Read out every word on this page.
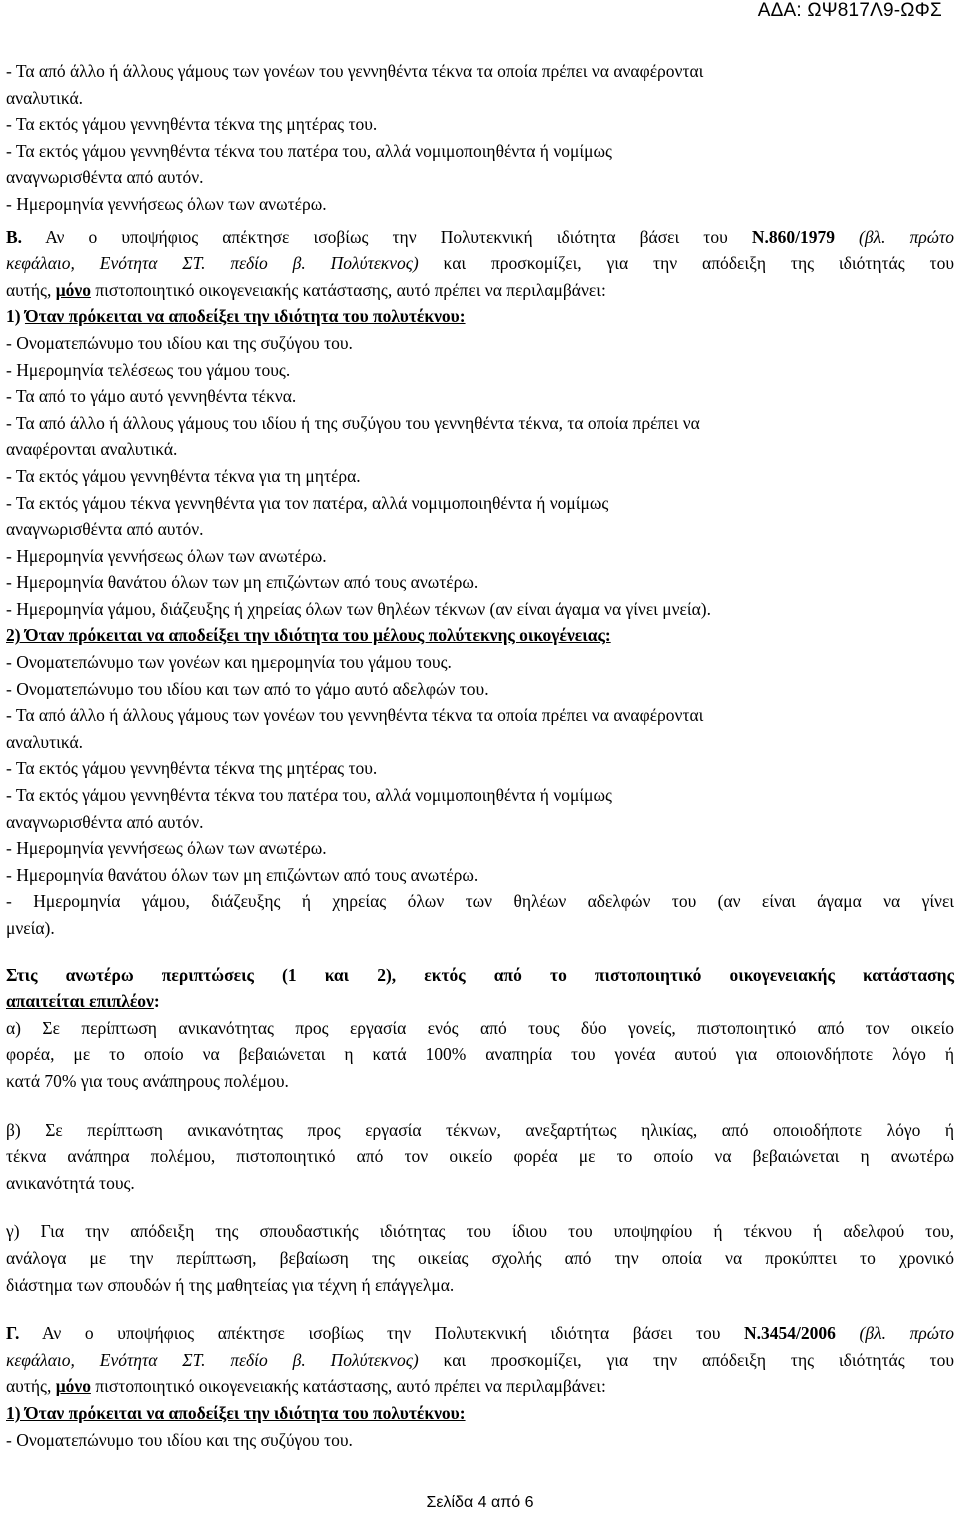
ΑΔΑ: ΩΨ817Λ9-ΩΦΣ
- Τα από άλλο ή άλλους γάμους των γονέων του γεννηθέντα τέκνα τα οποία πρέπει να αναφέρονται
αναλυτικά.
- Τα εκτός γάμου γεννηθέντα τέκνα της μητέρας του.
- Τα εκτός γάμου γεννηθέντα τέκνα του πατέρα του, αλλά νομιμοποιηθέντα ή νομίμως
αναγνωρισθέντα από αυτόν.
- Ημερομηνία γεννήσεως όλων των ανωτέρω.
Β. Αν ο υποψήφιος απέκτησε ισοβίως την Πολυτεκνική ιδιότητα βάσει του Ν.860/1979 (βλ. πρώτο
κεφάλαιο, Ενότητα ΣΤ. πεδίο β. Πολύτεκνος) και προσκομίζει, για την απόδειξη της ιδιότητάς του
αυτής, μόνο πιστοποιητικό οικογενειακής κατάστασης, αυτό πρέπει να περιλαμβάνει:
1) Όταν πρόκειται να αποδείξει την ιδιότητα του πολυτέκνου:
- Ονοματεπώνυμο του ιδίου και της συζύγου του.
- Ημερομηνία τελέσεως του γάμου τους.
- Τα από το γάμο αυτό γεννηθέντα τέκνα.
- Τα από άλλο ή άλλους γάμους του ιδίου ή της συζύγου του γεννηθέντα τέκνα, τα οποία πρέπει να
αναφέρονται αναλυτικά.
- Τα εκτός γάμου γεννηθέντα τέκνα για τη μητέρα.
- Τα εκτός γάμου τέκνα γεννηθέντα για τον πατέρα, αλλά νομιμοποιηθέντα ή νομίμως
αναγνωρισθέντα από αυτόν.
- Ημερομηνία γεννήσεως όλων των ανωτέρω.
- Ημερομηνία θανάτου όλων των μη επιζώντων από τους ανωτέρω.
- Ημερομηνία γάμου, διάζευξης ή χηρείας όλων των θηλέων τέκνων (αν είναι άγαμα να γίνει μνεία).
2) Όταν πρόκειται να αποδείξει την ιδιότητα του μέλους πολύτεκνης οικογένειας:
- Ονοματεπώνυμο των γονέων και ημερομηνία του γάμου τους.
- Ονοματεπώνυμο του ιδίου και των από το γάμο αυτό αδελφών του.
- Τα από άλλο ή άλλους γάμους των γονέων του γεννηθέντα τέκνα τα οποία πρέπει να αναφέρονται
αναλυτικά.
- Τα εκτός γάμου γεννηθέντα τέκνα της μητέρας του.
- Τα εκτός γάμου γεννηθέντα τέκνα του πατέρα του, αλλά νομιμοποιηθέντα ή νομίμως
αναγνωρισθέντα από αυτόν.
- Ημερομηνία γεννήσεως όλων των ανωτέρω.
- Ημερομηνία θανάτου όλων των μη επιζώντων από τους ανωτέρω.
- Ημερομηνία γάμου, διάζευξης ή χηρείας όλων των θηλέων αδελφών του (αν είναι άγαμα να γίνει
μνεία).
Στις ανωτέρω περιπτώσεις (1 και 2), εκτός από το πιστοποιητικό οικογενειακής κατάστασης
απαιτείται επιπλέον:
α) Σε περίπτωση ανικανότητας προς εργασία ενός από τους δύο γονείς, πιστοποιητικό από τον οικείο
φορέα, με το οποίο να βεβαιώνεται η κατά 100% αναπηρία του γονέα αυτού για οποιονδήποτε λόγο ή
κατά 70% για τους ανάπηρους πολέμου.
β) Σε περίπτωση ανικανότητας προς εργασία τέκνων, ανεξαρτήτως ηλικίας, από οποιοδήποτε λόγο ή
τέκνα ανάπηρα πολέμου, πιστοποιητικό από τον οικείο φορέα με το οποίο να βεβαιώνεται η ανωτέρω
ανικανότητά τους.
γ) Για την απόδειξη της σπουδαστικής ιδιότητας του ίδιου του υποψηφίου ή τέκνου ή αδελφού του,
ανάλογα με την περίπτωση, βεβαίωση της οικείας σχολής από την οποία να προκύπτει το χρονικό
διάστημα των σπουδών ή της μαθητείας για τέχνη ή επάγγελμα.
Γ. Αν ο υποψήφιος απέκτησε ισοβίως την Πολυτεκνική ιδιότητα βάσει του Ν.3454/2006 (βλ. πρώτο
κεφάλαιο, Ενότητα ΣΤ. πεδίο β. Πολύτεκνος) και προσκομίζει, για την απόδειξη της ιδιότητάς του
αυτής, μόνο πιστοποιητικό οικογενειακής κατάστασης, αυτό πρέπει να περιλαμβάνει:
1) Όταν πρόκειται να αποδείξει την ιδιότητα του πολυτέκνου:
- Ονοματεπώνυμο του ιδίου και της συζύγου του.
Σελίδα 4 από 6
